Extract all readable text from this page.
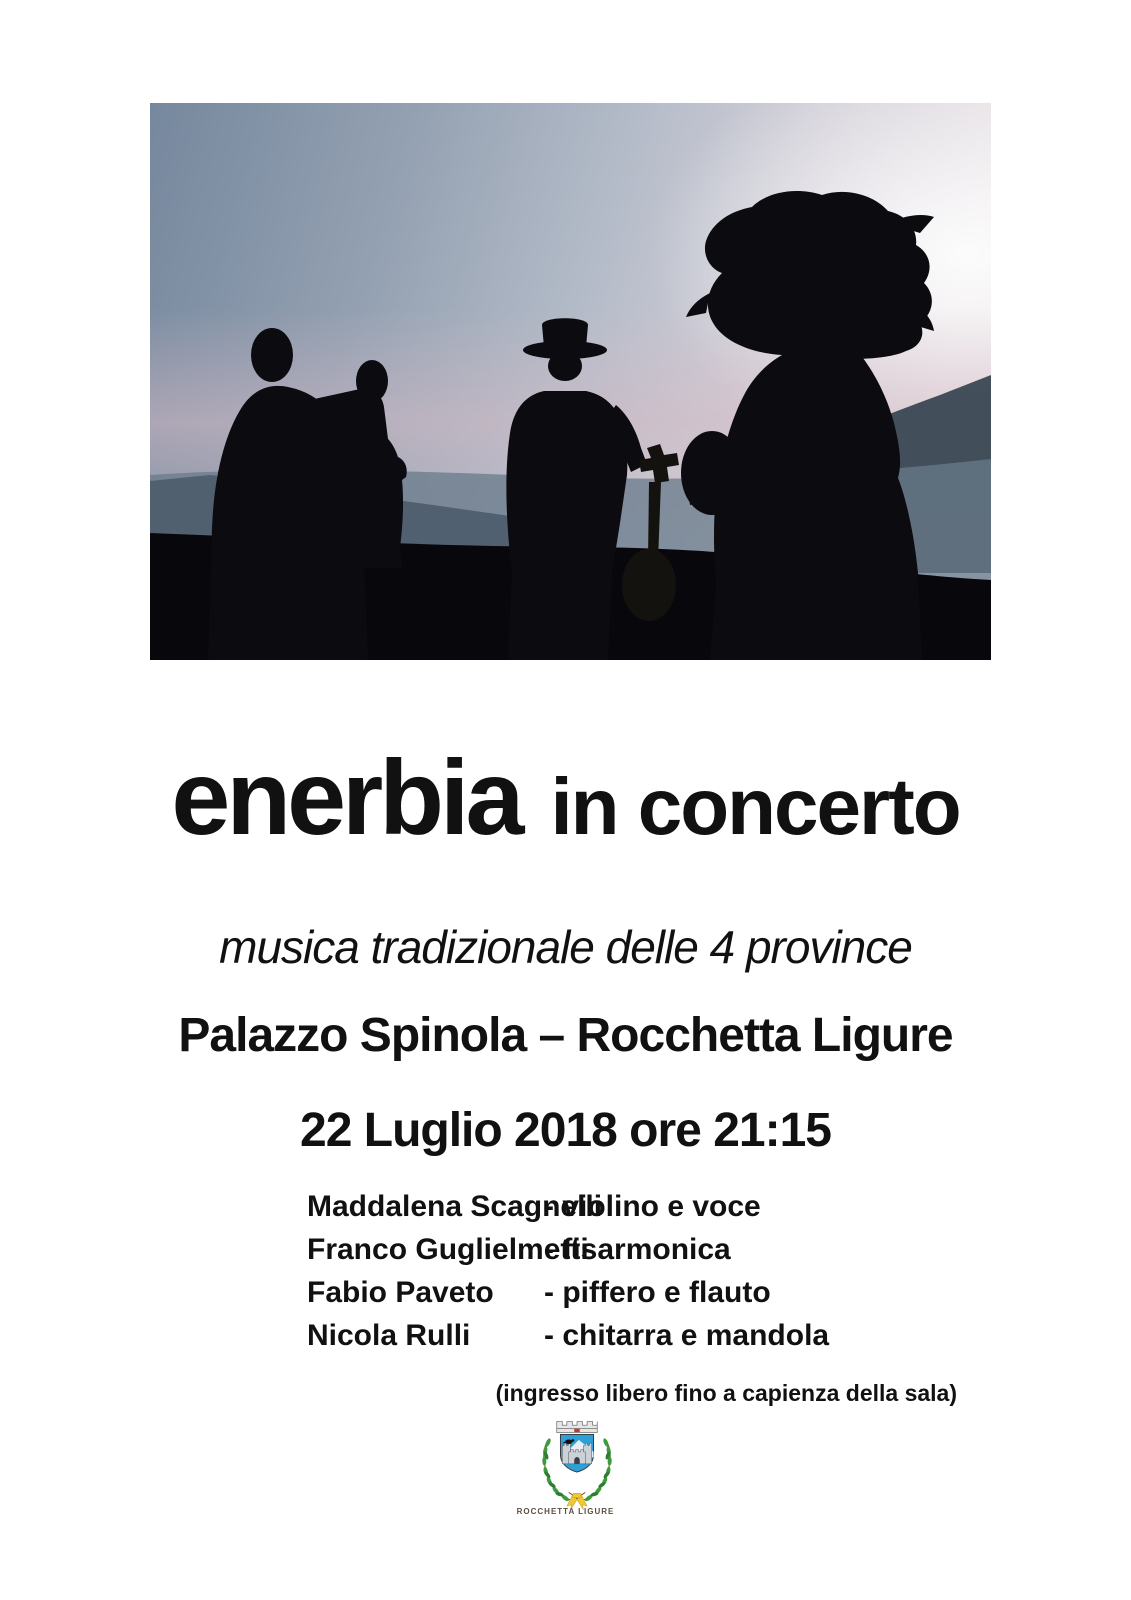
enerbia in concerto
musica tradizionale delle 4 province
Palazzo Spinola – Rocchetta Ligure
22 Luglio 2018 ore 21:15
Maddalena Scagnelli
- violino e voce
Franco Guglielmetti
- fisarmonica
Fabio Paveto	- piffero e flauto
Nicola Rulli	- chitarra e mandola
(ingresso libero fino a capienza della sala)
ROCCHETTA LIGURE
